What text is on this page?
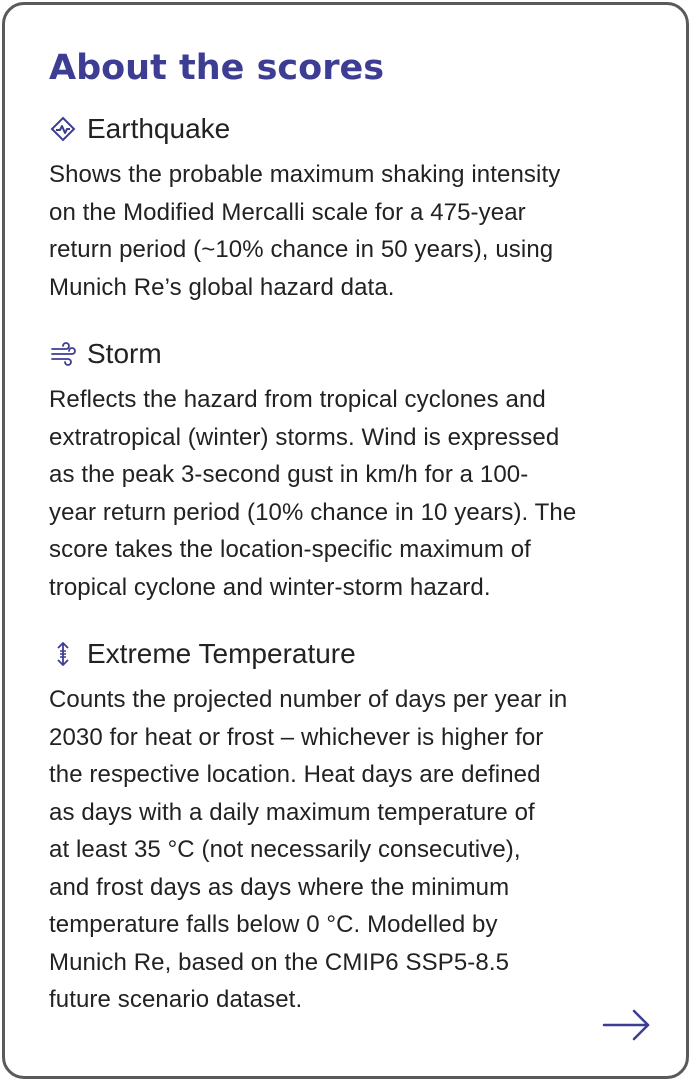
About the scores
Earthquake
Shows the probable maximum shaking intensity
on the Modified Mercalli scale for a 475-year
return period (~10% chance in 50 years), using
Munich Re’s global hazard data.
Storm
Reflects the hazard from tropical cyclones and
extratropical (winter) storms. Wind is expressed
as the peak 3-second gust in km/h for a 100-
year return period (10% chance in 10 years). The
score takes the location-specific maximum of
tropical cyclone and winter-storm hazard.
Extreme Temperature
Counts the projected number of days per year in
2030 for heat or frost – whichever is higher for
the respective location. Heat days are defined
as days with a daily maximum temperature of
at least 35 °C (not necessarily consecutive),
and frost days as days where the minimum
temperature falls below 0 °C. Modelled by
Munich Re, based on the CMIP6 SSP5-8.5
future scenario dataset.
